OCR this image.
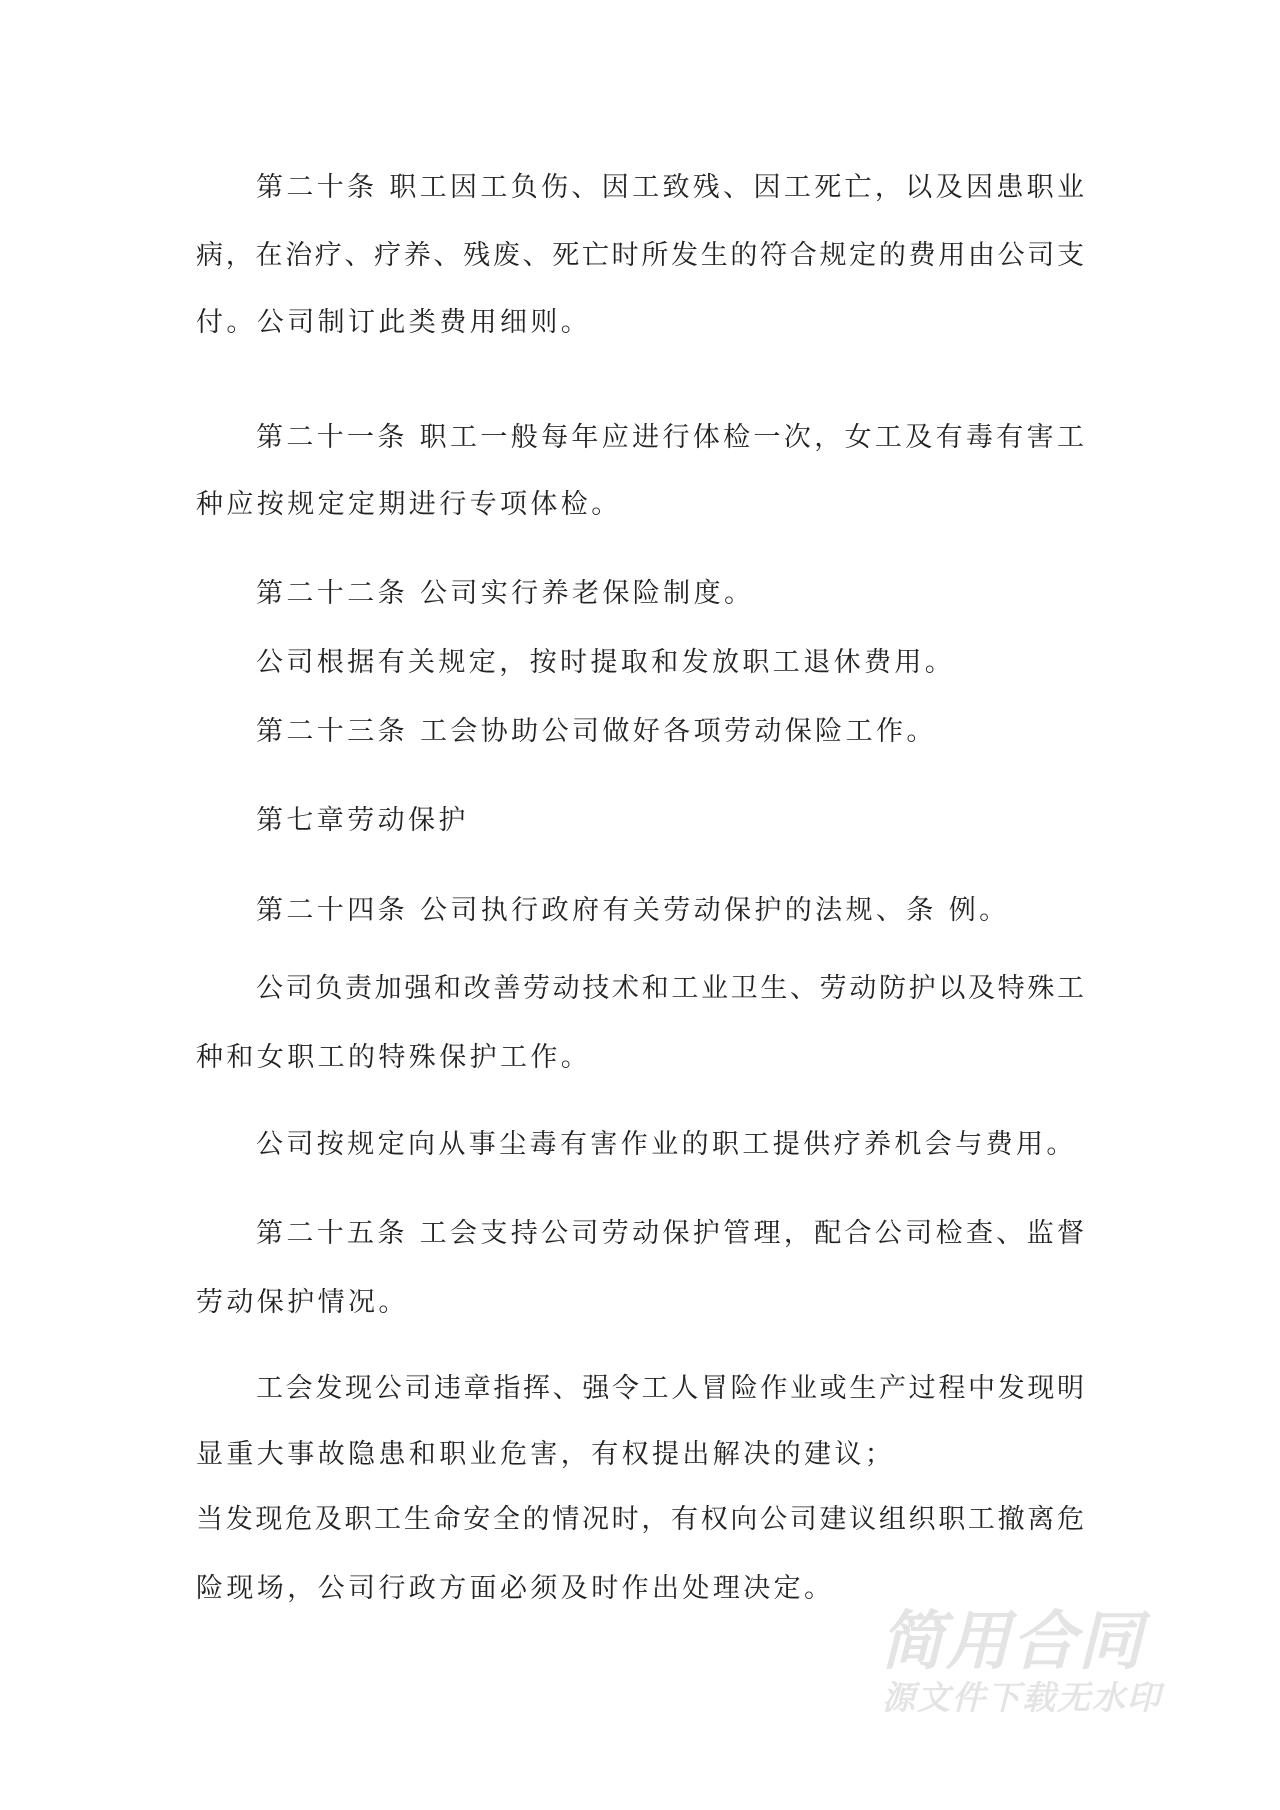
第二十条 职工因工负伤、因工致残、因工死亡，以及因患职业
病，在治疗、疗养、残废、死亡时所发生的符合规定的费用由公司支
付。公司制订此类费用细则。
第二十一条 职工一般每年应进行体检一次，女工及有毒有害工
种应按规定定期进行专项体检。
第二十二条 公司实行养老保险制度。
公司根据有关规定，按时提取和发放职工退休费用。
第二十三条 工会协助公司做好各项劳动保险工作。
第七章劳动保护
第二十四条 公司执行政府有关劳动保护的法规、条 例。
公司负责加强和改善劳动技术和工业卫生、劳动防护以及特殊工
种和女职工的特殊保护工作。
公司按规定向从事尘毒有害作业的职工提供疗养机会与费用。
第二十五条 工会支持公司劳动保护管理，配合公司检查、监督
劳动保护情况。
工会发现公司违章指挥、强令工人冒险作业或生产过程中发现明
显重大事故隐患和职业危害，有权提出解决的建议；
当发现危及职工生命安全的情况时，有权向公司建议组织职工撤离危
险现场，公司行政方面必须及时作出处理决定。
简用合同
源文件下载无水印
